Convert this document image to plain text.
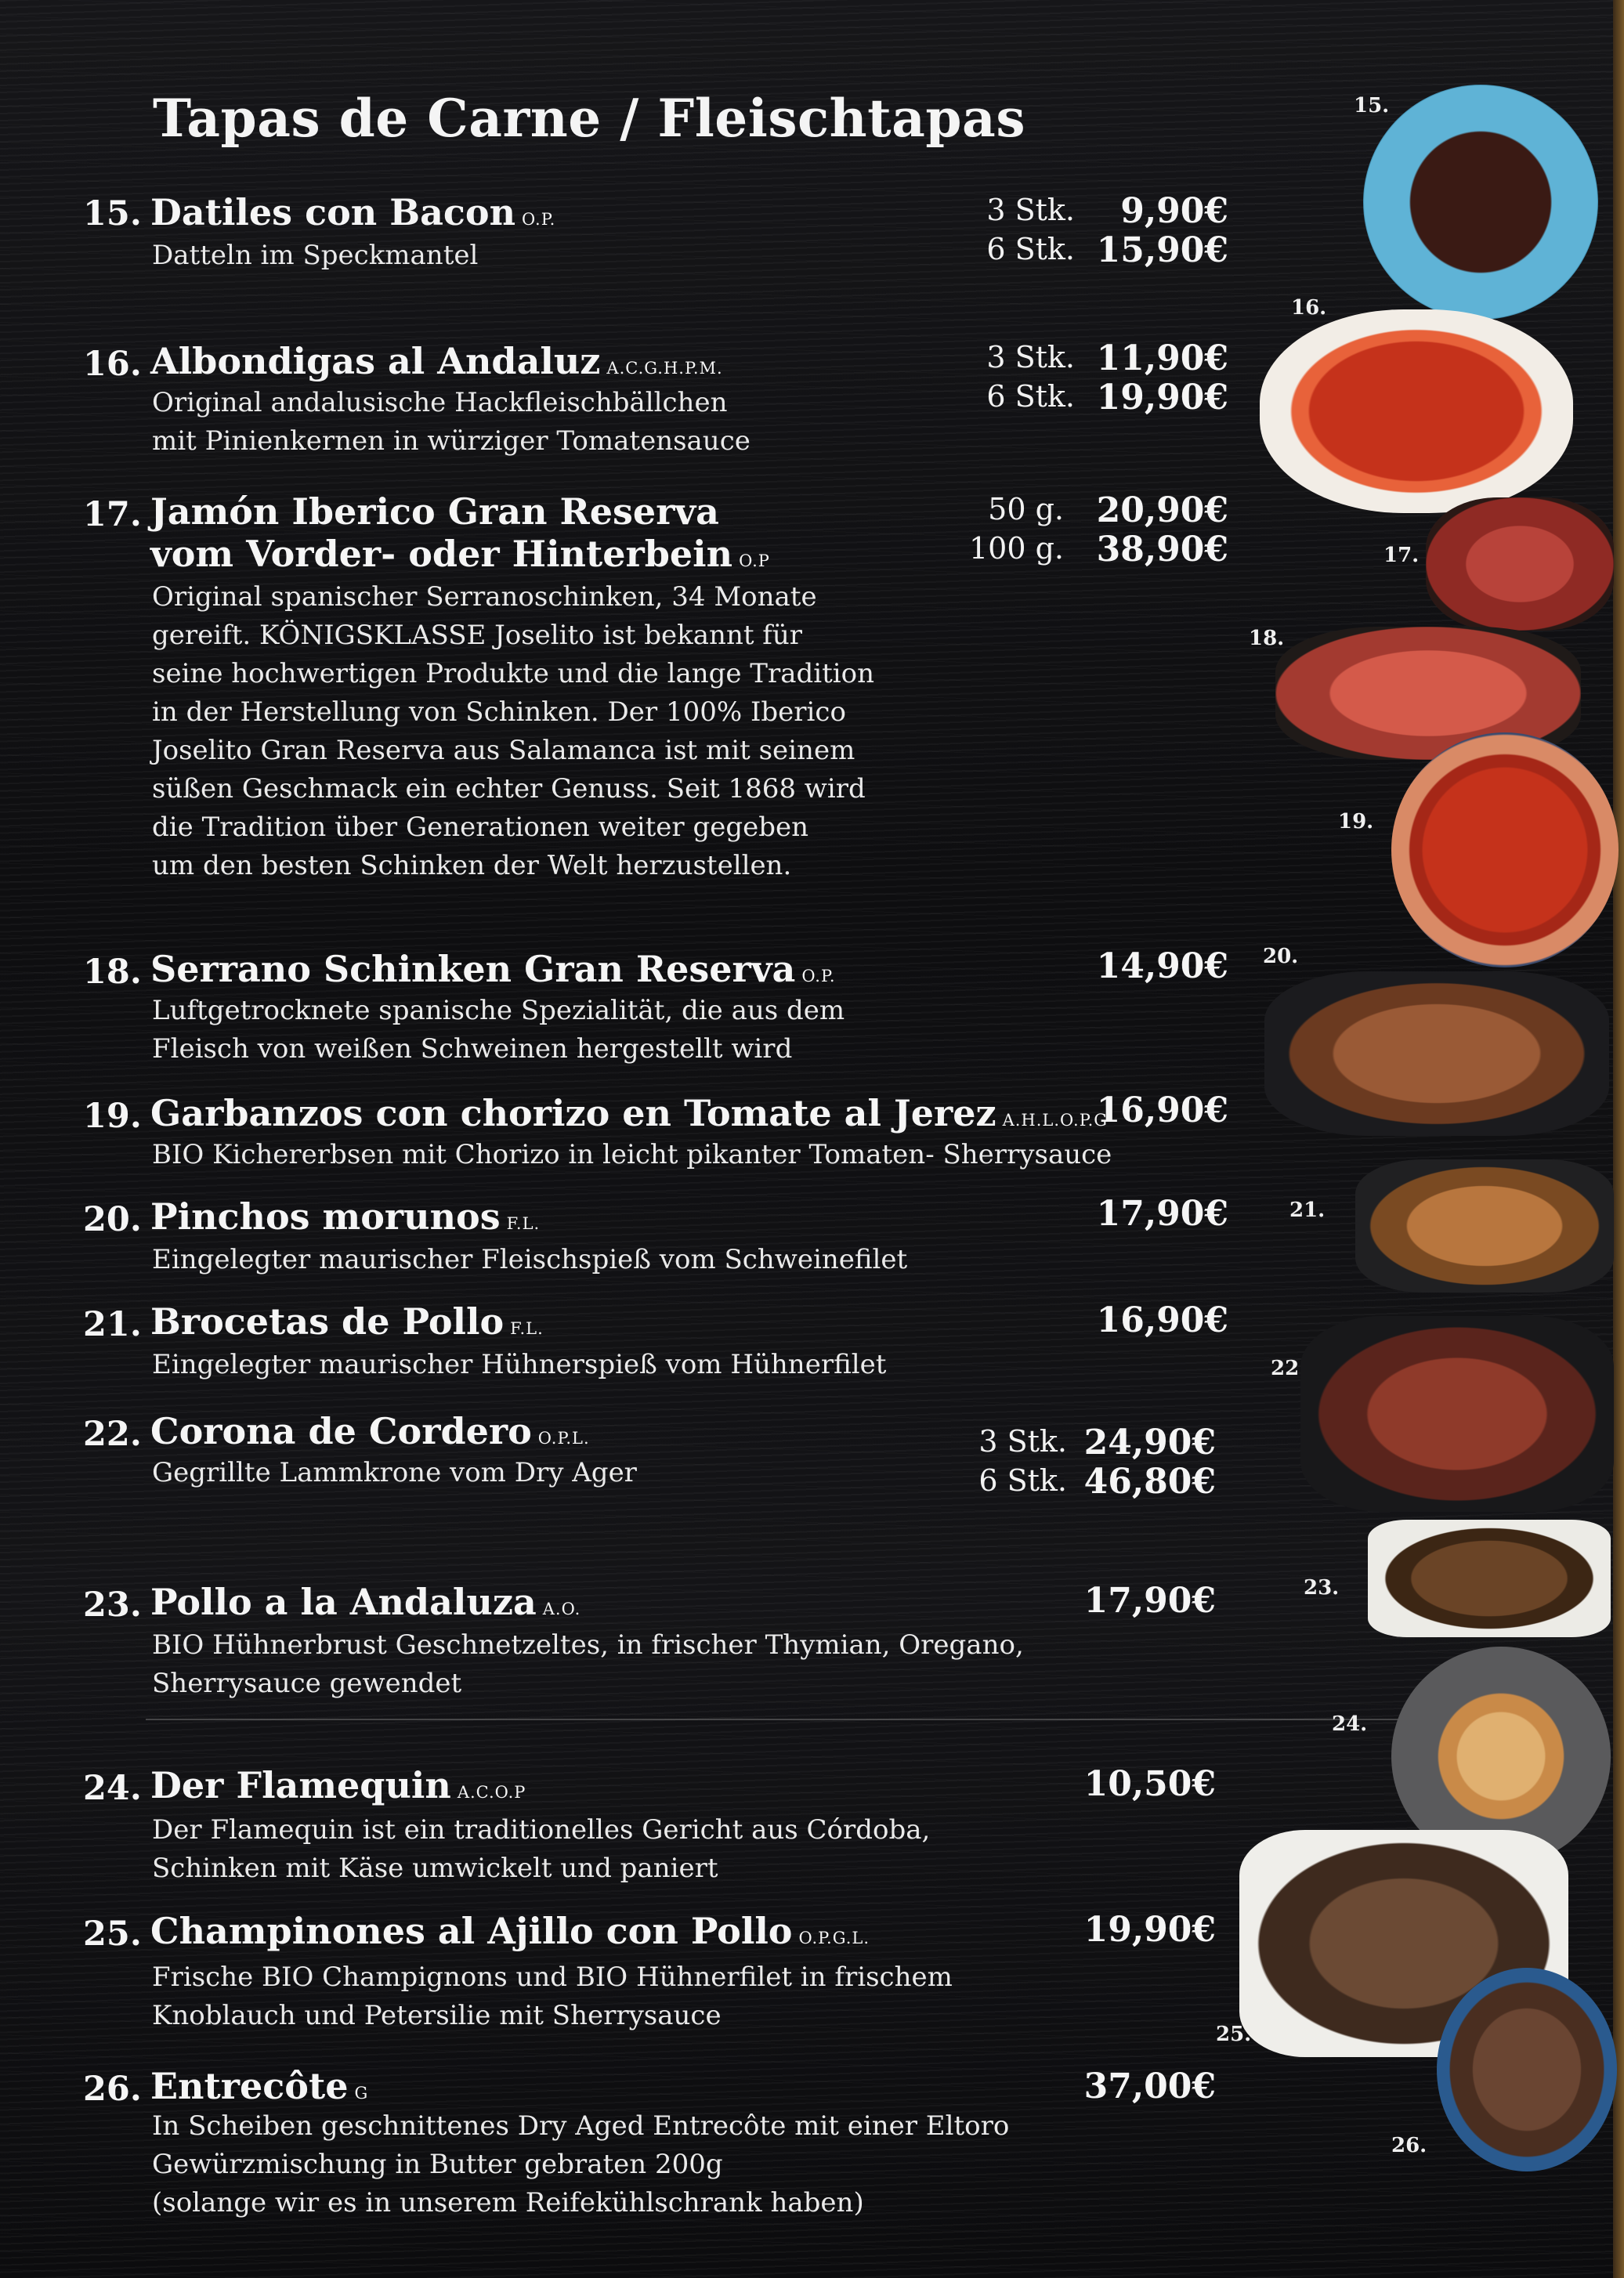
Tapas de Carne / Fleischtapas
15. Datiles con Bacon O.P.
Datteln im Speckmantel
3 Stk.
6 Stk.
9,90€
15,90€
16. Albondigas al Andaluz A.C.G.H.P.M.
Original andalusische Hackfleischbällchen
mit Pinienkernen in würziger Tomatensauce
3 Stk.
6 Stk.
11,90€
19,90€
17. Jamón Iberico Gran Reserva
vom Vorder- oder Hinterbein O.P
Original spanischer Serranoschinken, 34 Monate
gereift. KÖNIGSKLASSE Joselito ist bekannt für
seine hochwertigen Produkte und die lange Tradition
in der Herstellung von Schinken. Der 100% Iberico
Joselito Gran Reserva aus Salamanca ist mit seinem
süßen Geschmack ein echter Genuss. Seit 1868 wird
die Tradition über Generationen weiter gegeben
um den besten Schinken der Welt herzustellen.
50 g.
100 g.
20,90€
38,90€
18. Serrano Schinken Gran Reserva O.P.
Luftgetrocknete spanische Spezialität, die aus dem
Fleisch von weißen Schweinen hergestellt wird
14,90€
19. Garbanzos con chorizo en Tomate al Jerez A.H.L.O.P.G
BIO Kichererbsen mit Chorizo in leicht pikanter Tomaten- Sherrysauce
16,90€
20. Pinchos morunos F.L.
Eingelegter maurischer Fleischspieß vom Schweinefilet
17,90€
21. Brocetas de Pollo F.L.
Eingelegter maurischer Hühnerspieß vom Hühnerfilet
16,90€
22. Corona de Cordero O.P.L.
Gegrillte Lammkrone vom Dry Ager
3 Stk.
6 Stk.
24,90€
46,80€
23. Pollo a la Andaluza A.O.
BIO Hühnerbrust Geschnetzeltes, in frischer Thymian, Oregano,
Sherrysauce gewendet
17,90€
24. Der Flamequin A.C.O.P
Der Flamequin ist ein traditionelles Gericht aus Córdoba,
Schinken mit Käse umwickelt und paniert
10,50€
25. Champinones al Ajillo con Pollo O.P.G.L.
Frische BIO Champignons und BIO Hühnerfilet in frischem
Knoblauch und Petersilie mit Sherrysauce
19,90€
26. Entrecôte G
In Scheiben geschnittenes Dry Aged Entrecôte mit einer Eltoro
Gewürzmischung in Butter gebraten 200g
(solange wir es in unserem Reifekühlschrank haben)
37,00€
15.
16.
17.
18.
19.
20.
21.
22
23.
24.
25.
26.
